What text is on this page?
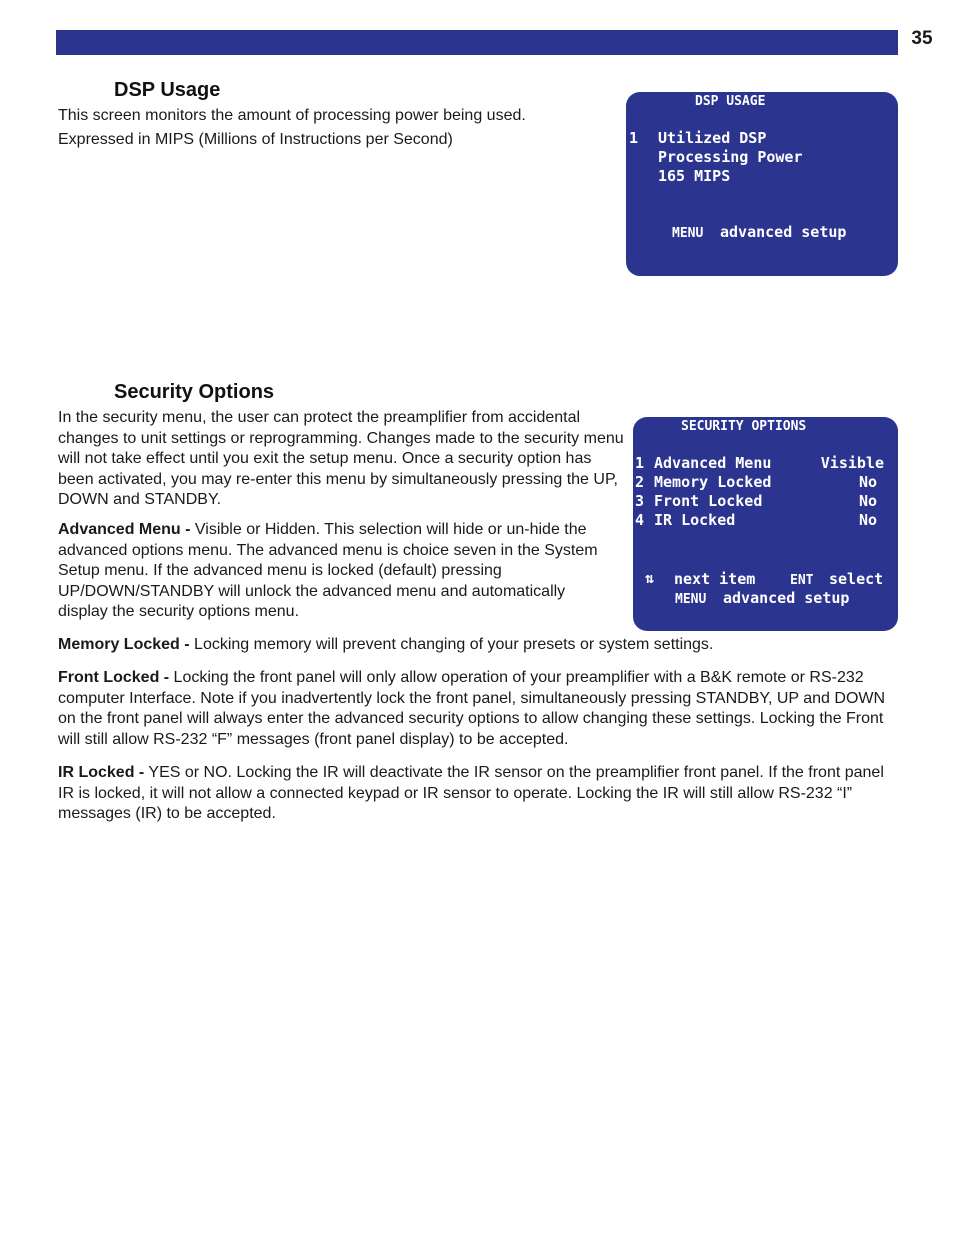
35
DSP Usage

This screen monitors the amount of processing power being used.

Expressed in MIPS (Millions of Instructions per Second)

DSP USAGE
1 Utilized DSP
Processing Power
165 MIPS
MENU advanced setup
Security Options

In the security menu, the user can protect the preamplifier from accidental changes to unit settings or reprogramming. Changes made to the security menu will not take effect until you exit the setup menu. Once a security option has been activated, you may re-enter this menu by simultaneously pressing the UP, DOWN and STANDBY.

Advanced Menu - Visible or Hidden. This selection will hide or un-hide the advanced options menu. The advanced menu is choice seven in the System Setup menu. If the advanced menu is locked (default) pressing UP/DOWN/STANDBY will unlock the advanced menu and automatically display the security options menu.

Memory Locked - Locking memory will prevent changing of your presets or system settings.

Front Locked - Locking the front panel will only allow operation of your preamplifier with a B&K remote or RS-232 computer Interface. Note if you inadvertently lock the front panel, simultaneously pressing STANDBY, UP and DOWN on the front panel will always enter the advanced security options to allow changing these settings. Locking the Front will still allow RS-232 “F” messages (front panel display) to be accepted.

IR Locked - YES or NO. Locking the IR will deactivate the IR sensor on the preamplifier front panel. If the front panel IR is locked, it will not allow a connected keypad or IR sensor to operate. Locking the IR will still allow RS-232 “I” messages (IR) to be accepted.

SECURITY OPTIONS
1 Advanced Menu	Visible
2 Memory Locked	No
3 Front Locked	No
4 IR Locked	No
⇅ next item	ENT select
MENU advanced setup
